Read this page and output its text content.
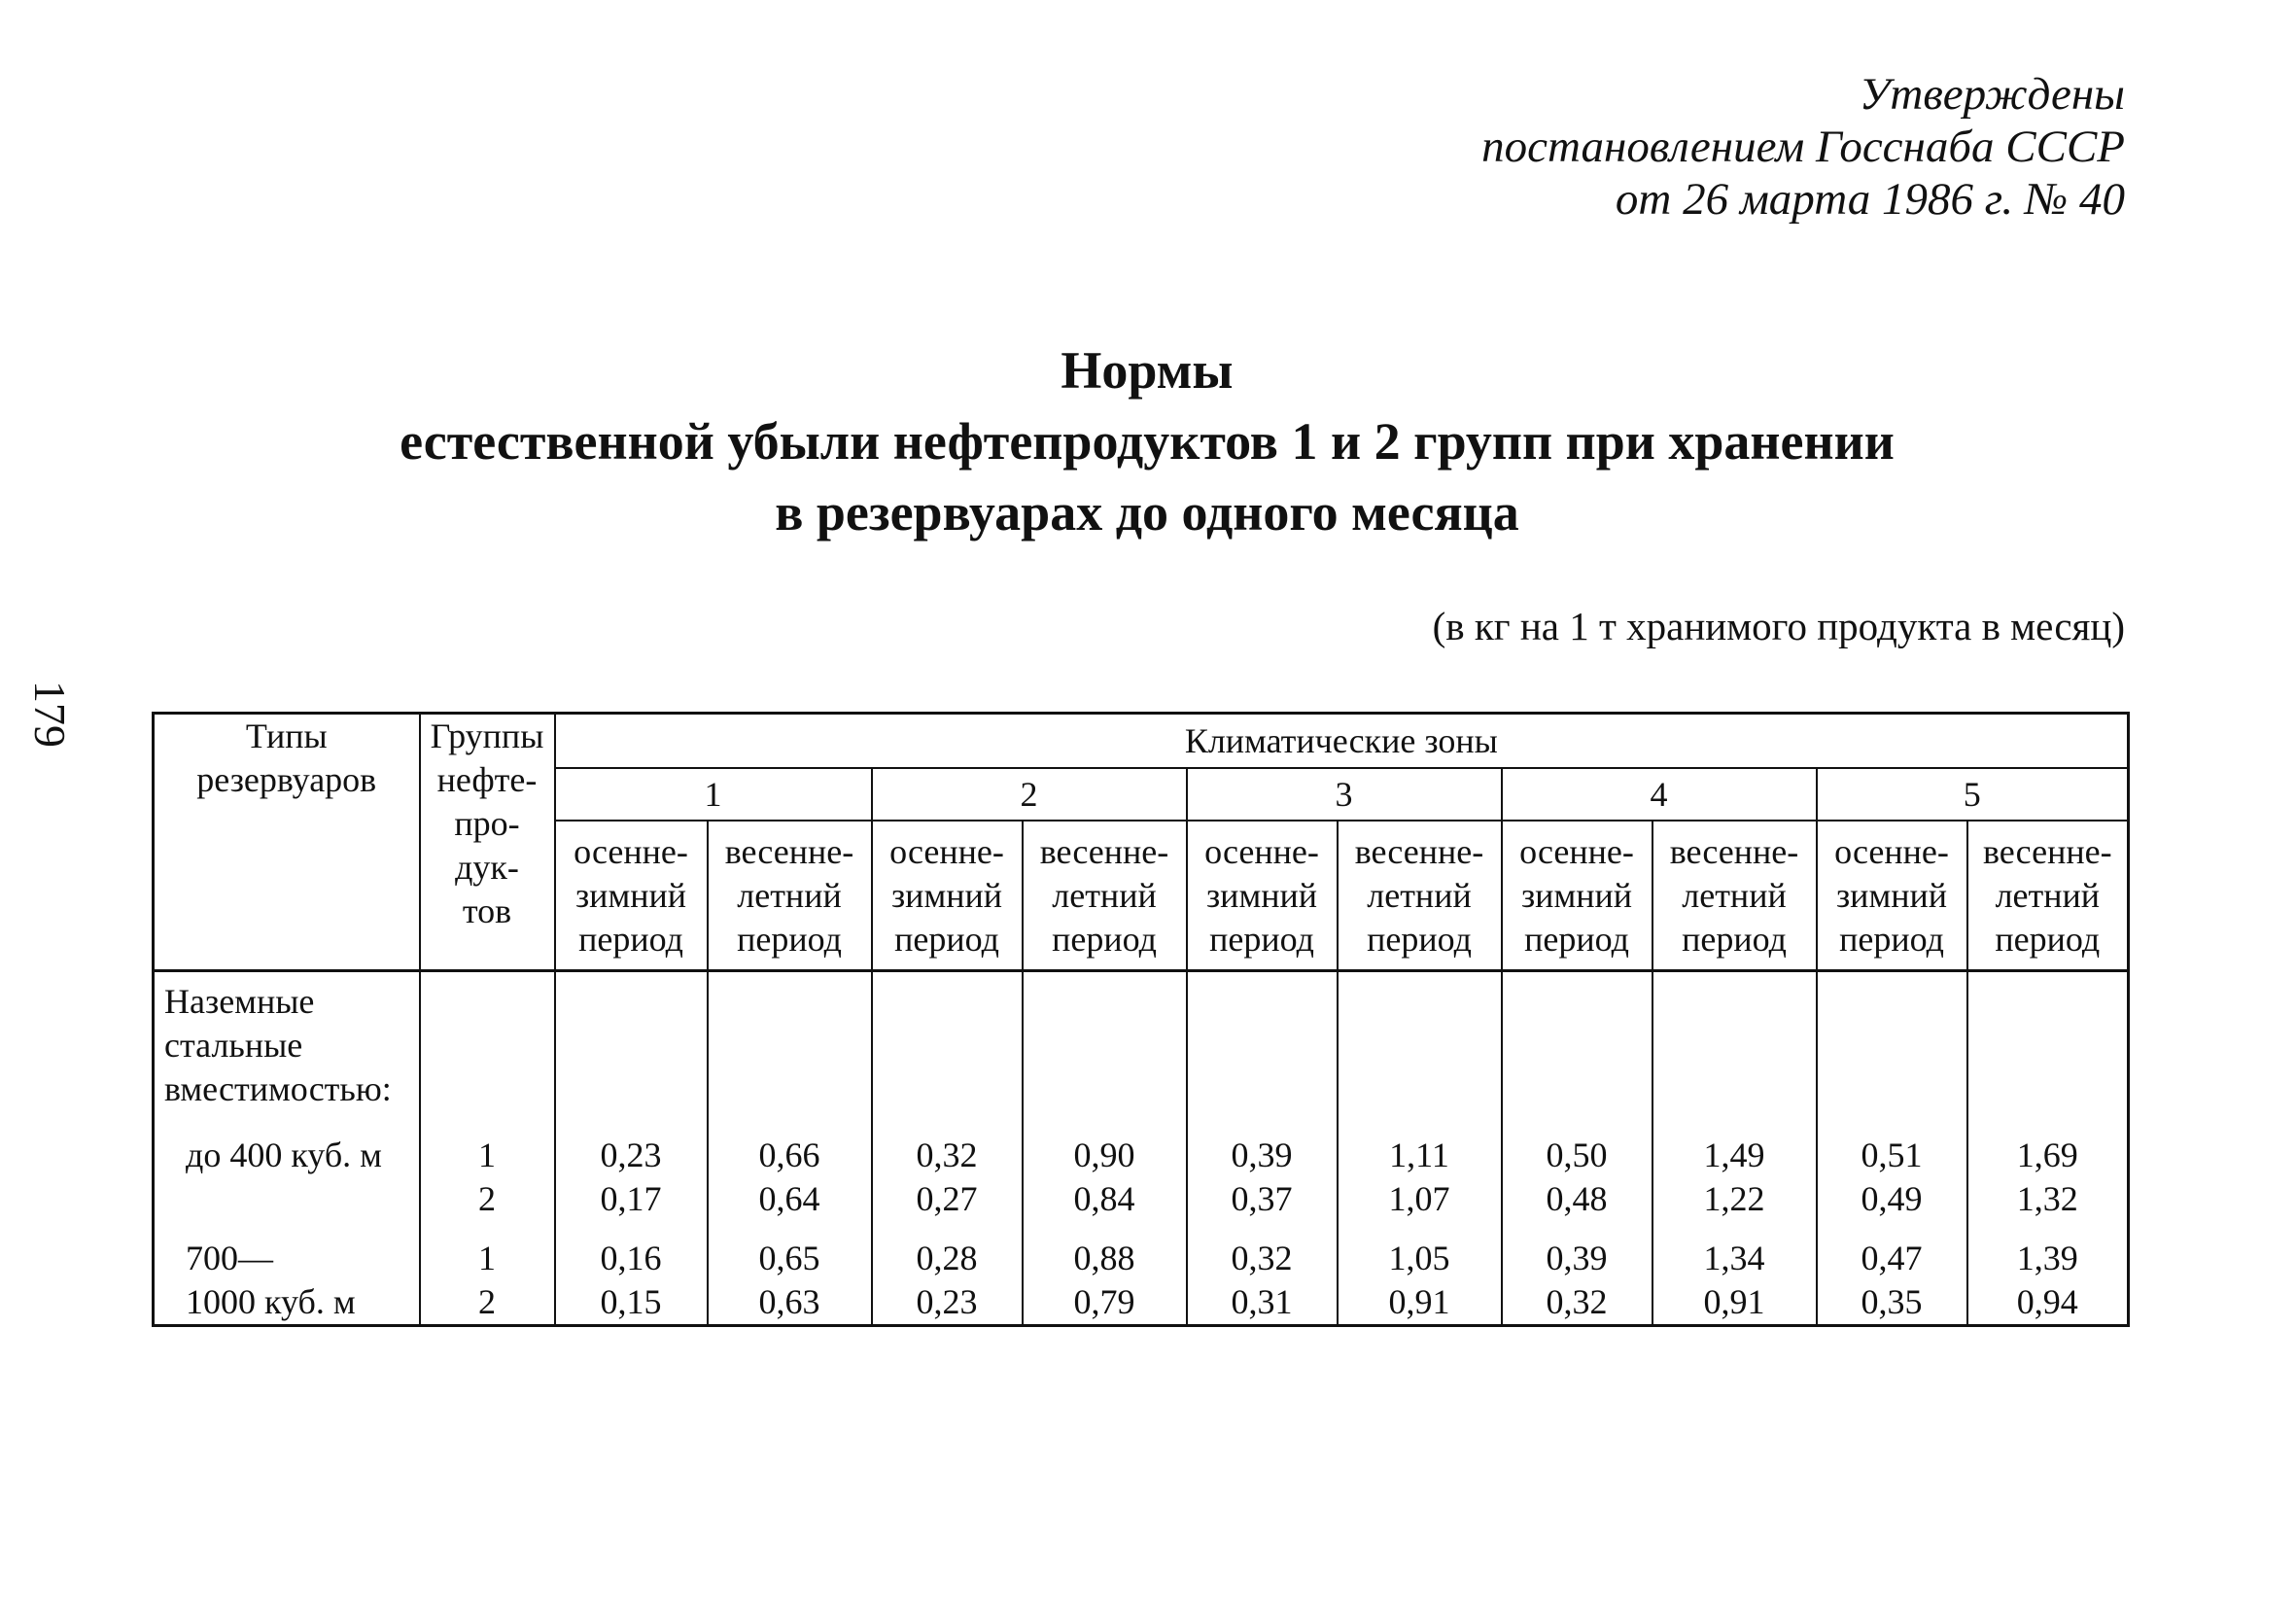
Утверждены
постановлением Госснаба СССР
от 26 марта 1986 г. № 40
Нормы
естественной убыли нефтепродуктов 1 и 2 групп при хранении
в резервуарах до одного месяца
(в кг на 1 т хранимого продукта в месяц)
179	Типы резервуаров	Группы
нефте-
про-
дук-
тов	Климатические зоны									
		1		2		3		4		5	

		осенне-
зимний
период	весенне-
летний
период	осенне-
зимний
период	весенне-
летний
период	осенне-
зимний
период	весенне-
летний
период	осенне-
зимний
период	весенне-
летний
период	осенне-
зимний
период	весенне-
летний
период

Наземные
стальные
вместимостью:											

до 400 куб. м	1	0,23	0,66	0,32	0,90	0,39	1,11	0,50	1,49	0,51	1,69
	2	0,17	0,64	0,27	0,84	0,37	1,07	0,48	1,22	0,49	1,32

700—	1	0,16	0,65	0,28	0,88	0,32	1,05	0,39	1,34	0,47	1,39
1000 куб. м	2	0,15	0,63	0,23	0,79	0,31	0,91	0,32	0,91	0,35	0,94
